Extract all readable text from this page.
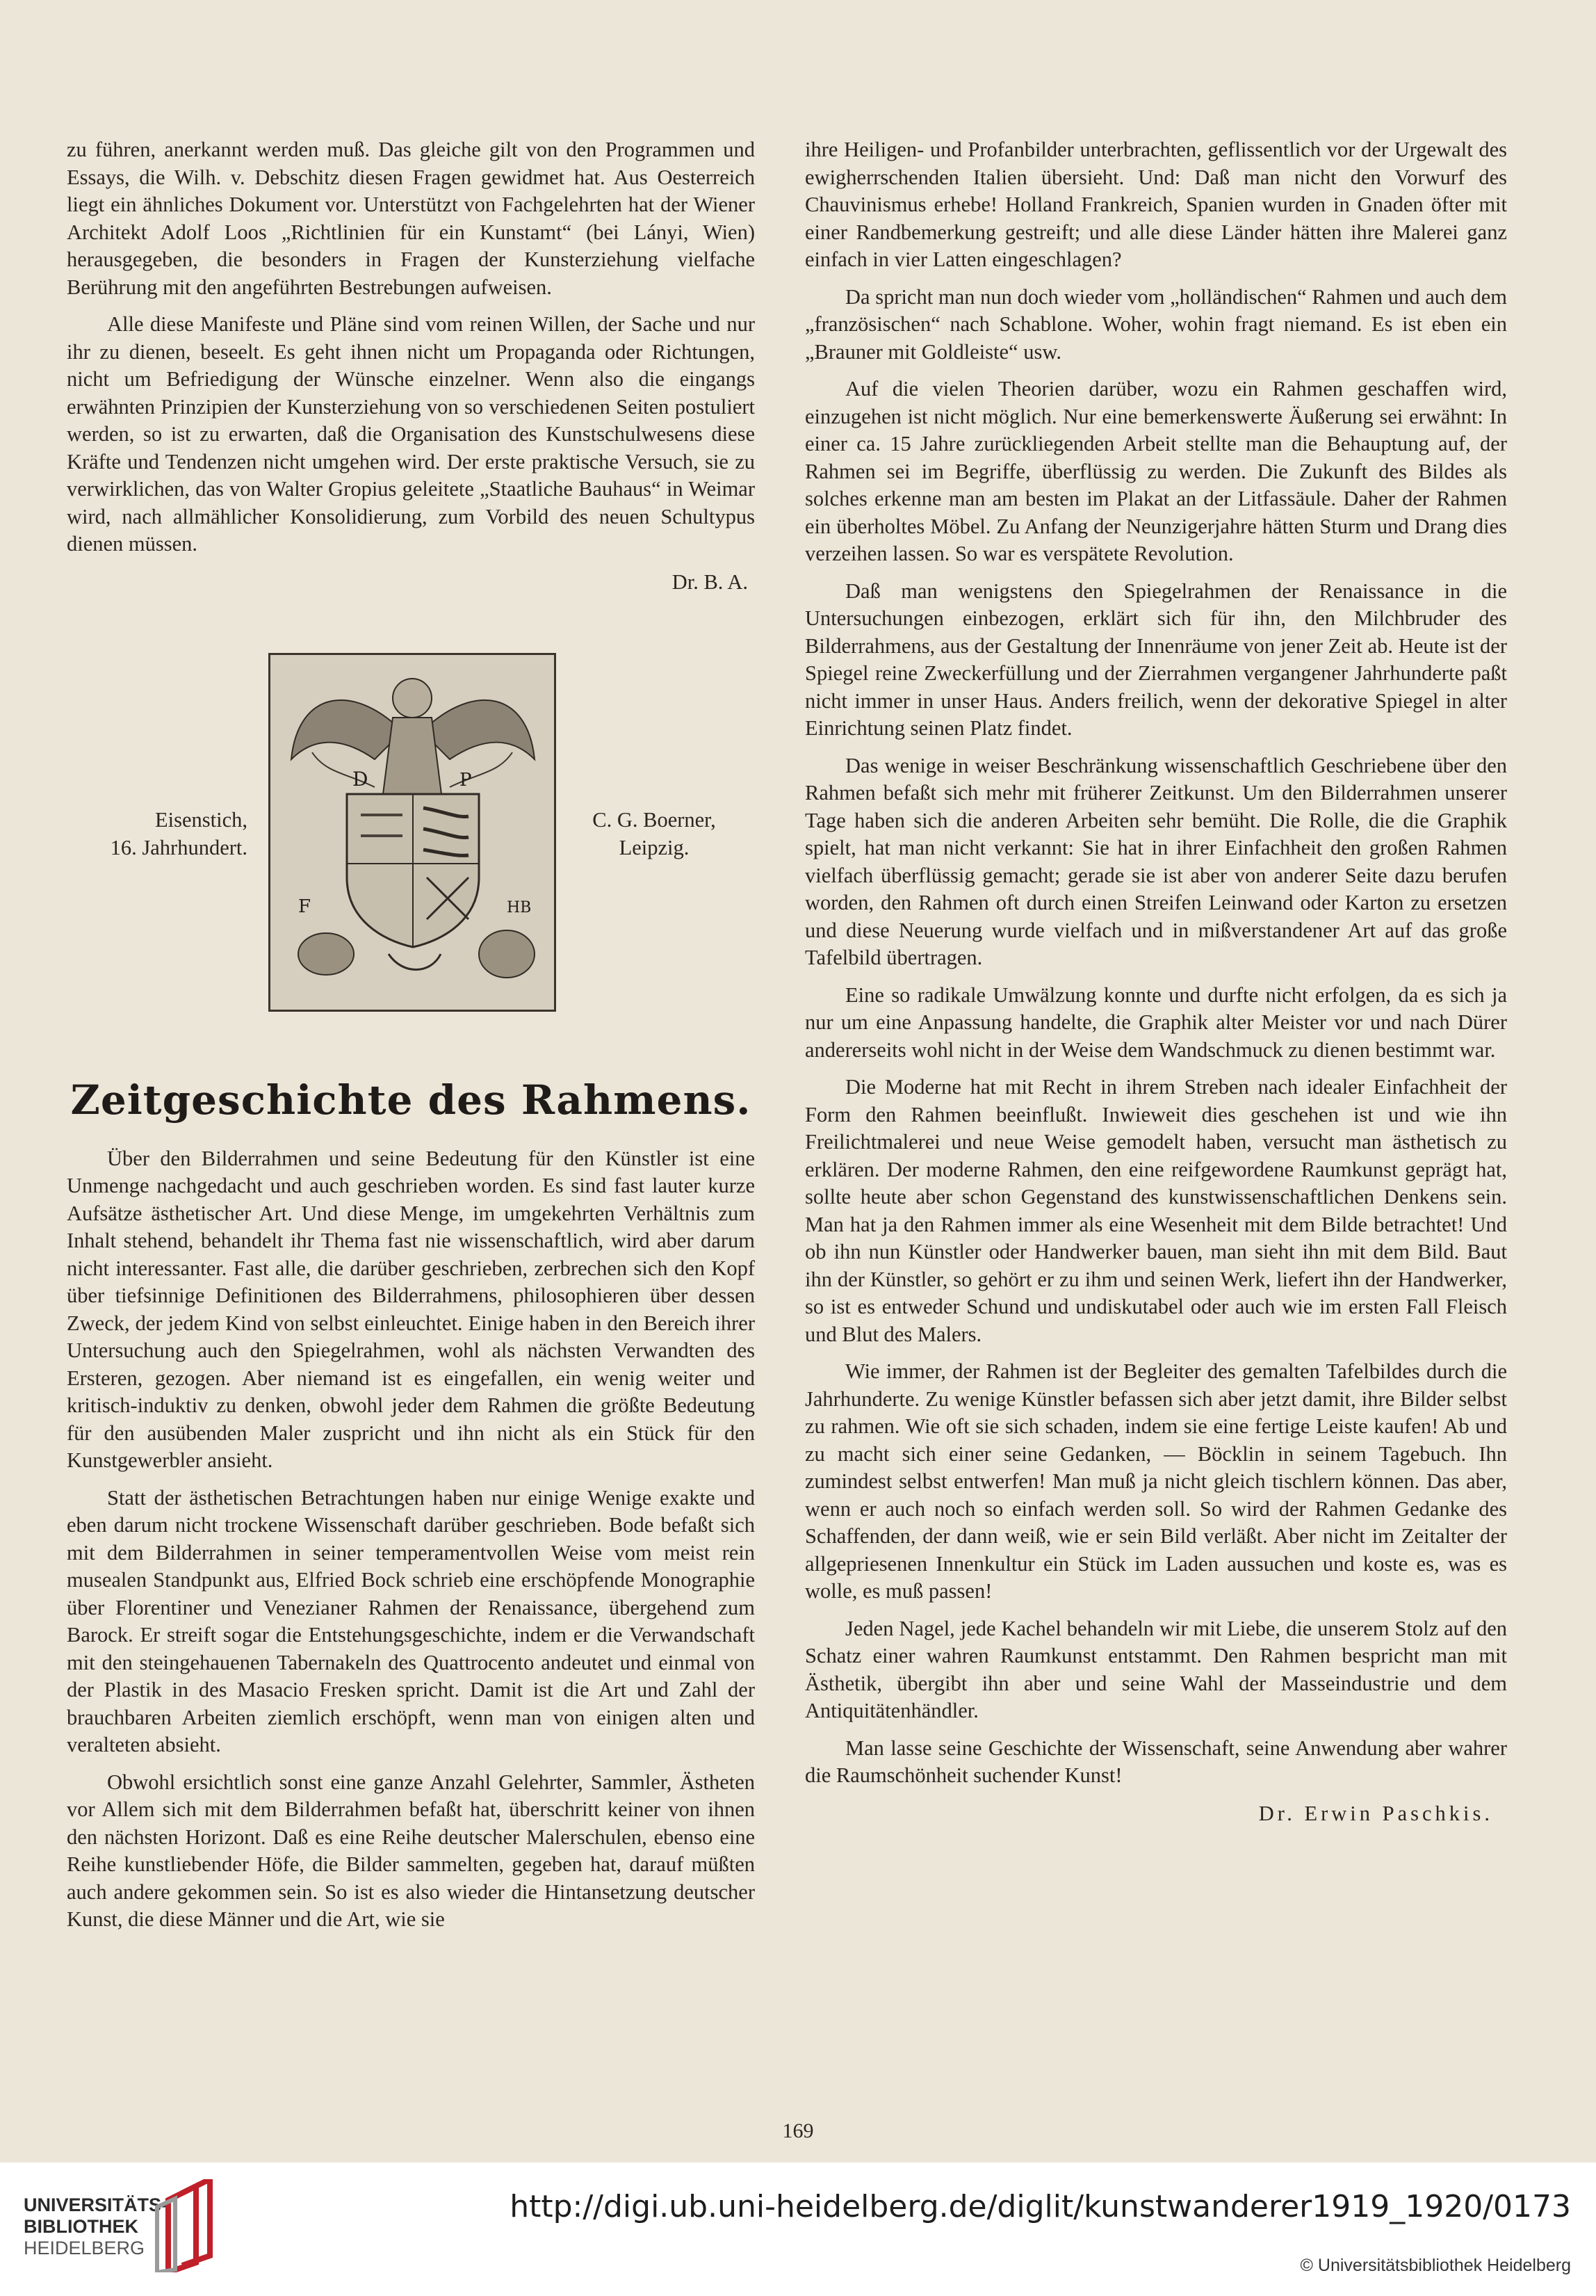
zu führen, anerkannt werden muß. Das gleiche gilt von den Programmen und Essays, die Wilh. v. Debschitz diesen Fragen gewidmet hat. Aus Oesterreich liegt ein ähnliches Dokument vor. Unterstützt von Fachgelehrten hat der Wiener Architekt Adolf Loos „Richtlinien für ein Kunstamt“ (bei Lányi, Wien) herausgegeben, die besonders in Fragen der Kunsterziehung vielfache Berührung mit den angeführten Bestrebungen aufweisen.

Alle diese Manifeste und Pläne sind vom reinen Willen, der Sache und nur ihr zu dienen, beseelt. Es geht ihnen nicht um Propaganda oder Richtungen, nicht um Befriedigung der Wünsche einzelner. Wenn also die eingangs erwähnten Prinzipien der Kunsterziehung von so verschiedenen Seiten postuliert werden, so ist zu erwarten, daß die Organisation des Kunstschulwesens diese Kräfte und Tendenzen nicht umgehen wird. Der erste praktische Versuch, sie zu verwirklichen, das von Walter Gropius geleitete „Staatliche Bauhaus“ in Weimar wird, nach allmählicher Konsolidierung, zum Vorbild des neuen Schultypus dienen müssen.

Dr. B. A.
Eisenstich,
16. Jahrhundert.
D	P
F	HB
C. G. Boerner,
Leipzig.
Zeitgeschichte des Rahmens.

Über den Bilderrahmen und seine Bedeutung für den Künstler ist eine Unmenge nachgedacht und auch geschrieben worden. Es sind fast lauter kurze Aufsätze ästhetischer Art. Und diese Menge, im umgekehrten Verhältnis zum Inhalt stehend, behandelt ihr Thema fast nie wissenschaftlich, wird aber darum nicht interessanter. Fast alle, die darüber geschrieben, zerbrechen sich den Kopf über tiefsinnige Definitionen des Bilderrahmens, philosophieren über dessen Zweck, der jedem Kind von selbst einleuchtet. Einige haben in den Bereich ihrer Untersuchung auch den Spiegelrahmen, wohl als nächsten Verwandten des Ersteren, gezogen. Aber niemand ist es eingefallen, ein wenig weiter und kritisch-induktiv zu denken, obwohl jeder dem Rahmen die größte Bedeutung für den ausübenden Maler zuspricht und ihn nicht als ein Stück für den Kunstgewerbler ansieht.

Statt der ästhetischen Betrachtungen haben nur einige Wenige exakte und eben darum nicht trockene Wissenschaft darüber geschrieben. Bode befaßt sich mit dem Bilderrahmen in seiner temperamentvollen Weise vom meist rein musealen Standpunkt aus, Elfried Bock schrieb eine erschöpfende Monographie über Florentiner und Venezianer Rahmen der Renaissance, übergehend zum Barock. Er streift sogar die Entstehungsgeschichte, indem er die Verwandschaft mit den steingehauenen Tabernakeln des Quattrocento andeutet und einmal von der Plastik in des Masacio Fresken spricht. Damit ist die Art und Zahl der brauchbaren Arbeiten ziemlich erschöpft, wenn man von einigen alten und veralteten absieht.

Obwohl ersichtlich sonst eine ganze Anzahl Gelehrter, Sammler, Ästheten vor Allem sich mit dem Bilderrahmen befaßt hat, überschritt keiner von ihnen den nächsten Horizont. Daß es eine Reihe deutscher Malerschulen, ebenso eine Reihe kunstliebender Höfe, die Bilder sammelten, gegeben hat, darauf müßten auch andere gekommen sein. So ist es also wieder die Hintansetzung deutscher Kunst, die diese Männer und die Art, wie sie

ihre Heiligen- und Profanbilder unterbrachten, geflissentlich vor der Urgewalt des ewigherrschenden Italien übersieht. Und: Daß man nicht den Vorwurf des Chauvinismus erhebe! Holland Frankreich, Spanien wurden in Gnaden öfter mit einer Randbemerkung gestreift; und alle diese Länder hätten ihre Malerei ganz einfach in vier Latten eingeschlagen?

Da spricht man nun doch wieder vom „holländischen“ Rahmen und auch dem „französischen“ nach Schablone. Woher, wohin fragt niemand. Es ist eben ein „Brauner mit Goldleiste“ usw.

Auf die vielen Theorien darüber, wozu ein Rahmen geschaffen wird, einzugehen ist nicht möglich. Nur eine bemerkenswerte Äußerung sei erwähnt: In einer ca. 15 Jahre zurückliegenden Arbeit stellte man die Behauptung auf, der Rahmen sei im Begriffe, überflüssig zu werden. Die Zukunft des Bildes als solches erkenne man am besten im Plakat an der Litfassäule. Daher der Rahmen ein überholtes Möbel. Zu Anfang der Neunzigerjahre hätten Sturm und Drang dies verzeihen lassen. So war es verspätete Revolution.

Daß man wenigstens den Spiegelrahmen der Renaissance in die Untersuchungen einbezogen, erklärt sich für ihn, den Milchbruder des Bilderrahmens, aus der Gestaltung der Innenräume von jener Zeit ab. Heute ist der Spiegel reine Zweckerfüllung und der Zierrahmen vergangener Jahrhunderte paßt nicht immer in unser Haus. Anders freilich, wenn der dekorative Spiegel in alter Einrichtung seinen Platz findet.

Das wenige in weiser Beschränkung wissenschaftlich Geschriebene über den Rahmen befaßt sich mehr mit früherer Zeitkunst. Um den Bilderrahmen unserer Tage haben sich die anderen Arbeiten sehr bemüht. Die Rolle, die die Graphik spielt, hat man nicht verkannt: Sie hat in ihrer Einfachheit den großen Rahmen vielfach überflüssig gemacht; gerade sie ist aber von anderer Seite dazu berufen worden, den Rahmen oft durch einen Streifen Leinwand oder Karton zu ersetzen und diese Neuerung wurde vielfach und in mißverstandener Art auf das große Tafelbild übertragen.

Eine so radikale Umwälzung konnte und durfte nicht erfolgen, da es sich ja nur um eine Anpassung handelte, die Graphik alter Meister vor und nach Dürer andererseits wohl nicht in der Weise dem Wandschmuck zu dienen bestimmt war.

Die Moderne hat mit Recht in ihrem Streben nach idealer Einfachheit der Form den Rahmen beeinflußt. Inwieweit dies geschehen ist und wie ihn Freilichtmalerei und neue Weise gemodelt haben, versucht man ästhetisch zu erklären. Der moderne Rahmen, den eine reifgewordene Raumkunst geprägt hat, sollte heute aber schon Gegenstand des kunstwissenschaftlichen Denkens sein. Man hat ja den Rahmen immer als eine Wesenheit mit dem Bilde betrachtet! Und ob ihn nun Künstler oder Handwerker bauen, man sieht ihn mit dem Bild. Baut ihn der Künstler, so gehört er zu ihm und seinen Werk, liefert ihn der Handwerker, so ist es entweder Schund und undiskutabel oder auch wie im ersten Fall Fleisch und Blut des Malers.

Wie immer, der Rahmen ist der Begleiter des gemalten Tafelbildes durch die Jahrhunderte. Zu wenige Künstler befassen sich aber jetzt damit, ihre Bilder selbst zu rahmen. Wie oft sie sich schaden, indem sie eine fertige Leiste kaufen! Ab und zu macht sich einer seine Gedanken, — Böcklin in seinem Tagebuch. Ihn zumindest selbst entwerfen! Man muß ja nicht gleich tischlern können. Das aber, wenn er auch noch so einfach werden soll. So wird der Rahmen Gedanke des Schaffenden, der dann weiß, wie er sein Bild verläßt. Aber nicht im Zeitalter der allgepriesenen Innenkultur ein Stück im Laden aussuchen und koste es, was es wolle, es muß passen!

Jeden Nagel, jede Kachel behandeln wir mit Liebe, die unserem Stolz auf den Schatz einer wahren Raumkunst entstammt. Den Rahmen bespricht man mit Ästhetik, übergibt ihn aber und seine Wahl der Masseindustrie und dem Antiquitätenhändler.

Man lasse seine Geschichte der Wissenschaft, seine Anwendung aber wahrer die Raumschönheit suchender Kunst!

Dr. Erwin Paschkis.
169
UNIVERSITÄTS-
BIBLIOTHEK
HEIDELBERG
http://digi.ub.uni-heidelberg.de/diglit/kunstwanderer1919_1920/0173
© Universitätsbibliothek Heidelberg
